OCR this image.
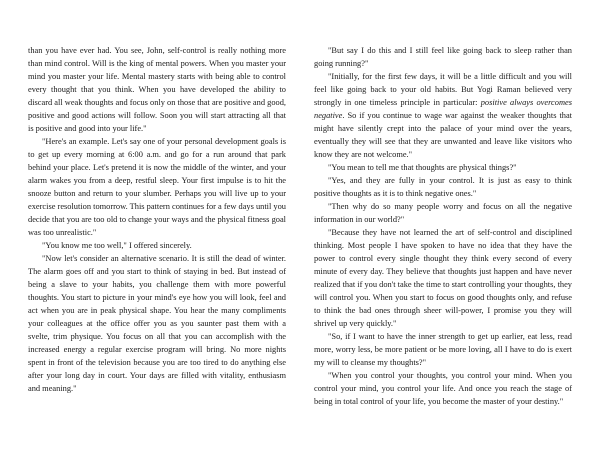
than you have ever had. You see, John, self-control is really nothing more than mind control. Will is the king of mental powers. When you master your mind you master your life. Mental mastery starts with being able to control every thought that you think. When you have developed the ability to discard all weak thoughts and focus only on those that are positive and good, positive and good actions will follow. Soon you will start attracting all that is positive and good into your life."

"Here's an example. Let's say one of your personal development goals is to get up every morning at 6:00 a.m. and go for a run around that park behind your place. Let's pretend it is now the middle of the winter, and your alarm wakes you from a deep, restful sleep. Your first impulse is to hit the snooze button and return to your slumber. Perhaps you will live up to your exercise resolution tomorrow. This pattern continues for a few days until you decide that you are too old to change your ways and the physical fitness goal was too unrealistic."

"You know me too well," I offered sincerely.

"Now let's consider an alternative scenario. It is still the dead of winter. The alarm goes off and you start to think of staying in bed. But instead of being a slave to your habits, you challenge them with more powerful thoughts. You start to picture in your mind's eye how you will look, feel and act when you are in peak physical shape. You hear the many compliments your colleagues at the office offer you as you saunter past them with a svelte, trim physique. You focus on all that you can accomplish with the increased energy a regular exercise program will bring. No more nights spent in front of the television because you are too tired to do anything else after your long day in court. Your days are filled with vitality, enthusiasm and meaning."

"But say I do this and I still feel like going back to sleep rather than going running?"

"Initially, for the first few days, it will be a little difficult and you will feel like going back to your old habits. But Yogi Raman believed very strongly in one timeless principle in particular: positive always overcomes negative. So if you continue to wage war against the weaker thoughts that might have silently crept into the palace of your mind over the years, eventually they will see that they are unwanted and leave like visitors who know they are not welcome."

"You mean to tell me that thoughts are physical things?"

"Yes, and they are fully in your control. It is just as easy to think positive thoughts as it is to think negative ones."

"Then why do so many people worry and focus on all the negative information in our world?"

"Because they have not learned the art of self-control and disciplined thinking. Most people I have spoken to have no idea that they have the power to control every single thought they think every second of every minute of every day. They believe that thoughts just happen and have never realized that if you don't take the time to start controlling your thoughts, they will control you. When you start to focus on good thoughts only, and refuse to think the bad ones through sheer will-power, I promise you they will shrivel up very quickly."

"So, if I want to have the inner strength to get up earlier, eat less, read more, worry less, be more patient or be more loving, all I have to do is exert my will to cleanse my thoughts?"

"When you control your thoughts, you control your mind. When you control your mind, you control your life. And once you reach the stage of being in total control of your life, you become the master of your destiny."
